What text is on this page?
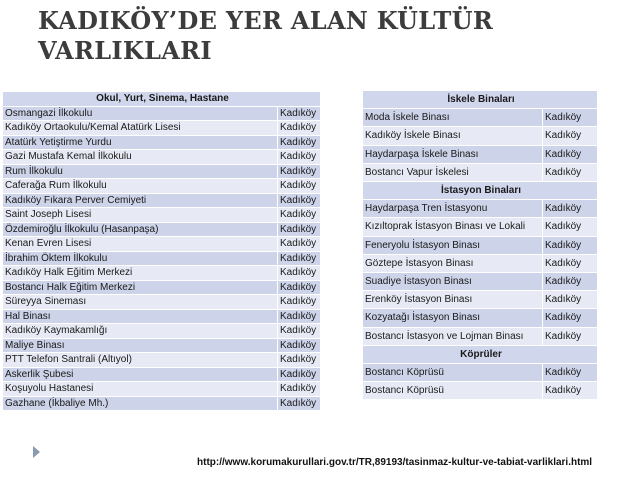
KADIKÖY’DE YER ALAN KÜLTÜR
VARLIKLARI
Okul, Yurt, Sinema, Hastane	
Osmangazi İlkokulu	Kadıköy
Kadıköy Ortaokulu/Kemal Atatürk Lisesi	Kadıköy
Atatürk Yetiştirme Yurdu	Kadıköy
Gazi Mustafa Kemal İlkokulu	Kadıköy
Rum İlkokulu	Kadıköy
Caferağa Rum İlkokulu	Kadıköy
Kadıköy Fıkara Perver Cemiyeti	Kadıköy
Saint Joseph Lisesi	Kadıköy
Özdemiroğlu İlkokulu (Hasanpaşa)	Kadıköy
Kenan Evren Lisesi	Kadıköy
İbrahim Öktem İlkokulu	Kadıköy
Kadıköy Halk Eğitim Merkezi	Kadıköy
Bostancı Halk Eğitim Merkezi	Kadıköy
Süreyya Sineması	Kadıköy
Hal Binası	Kadıköy
Kadıköy Kaymakamlığı	Kadıköy
Maliye Binası	Kadıköy
PTT Telefon Santrali (Altıyol)	Kadıköy
Askerlik Şubesi	Kadıköy
Koşuyolu Hastanesi	Kadıköy
Gazhane (İkbaliye Mh.)	Kadıköy
İskele Binaları	
Moda İskele Binası	Kadıköy
Kadıköy İskele Binası	Kadıköy
Haydarpaşa İskele Binası	Kadıköy
Bostancı Vapur İskelesi	Kadıköy
İstasyon Binaları	
Haydarpaşa Tren İstasyonu	Kadıköy
Kızıltoprak İstasyon Binası ve Lokali	Kadıköy
Feneryolu İstasyon Binası	Kadıköy
Göztepe İstasyon Binası	Kadıköy
Suadiye İstasyon Binası	Kadıköy
Erenköy İstasyon Binası	Kadıköy
Kozyatağı İstasyon Binası	Kadıköy
Bostancı İstasyon ve Lojman Binası	Kadıköy
Köprüler	
Bostancı Köprüsü	Kadıköy
Bostancı Köprüsü	Kadıköy
http://www.korumakurullari.gov.tr/TR,89193/tasinmaz-kultur-ve-tabiat-varliklari.html
